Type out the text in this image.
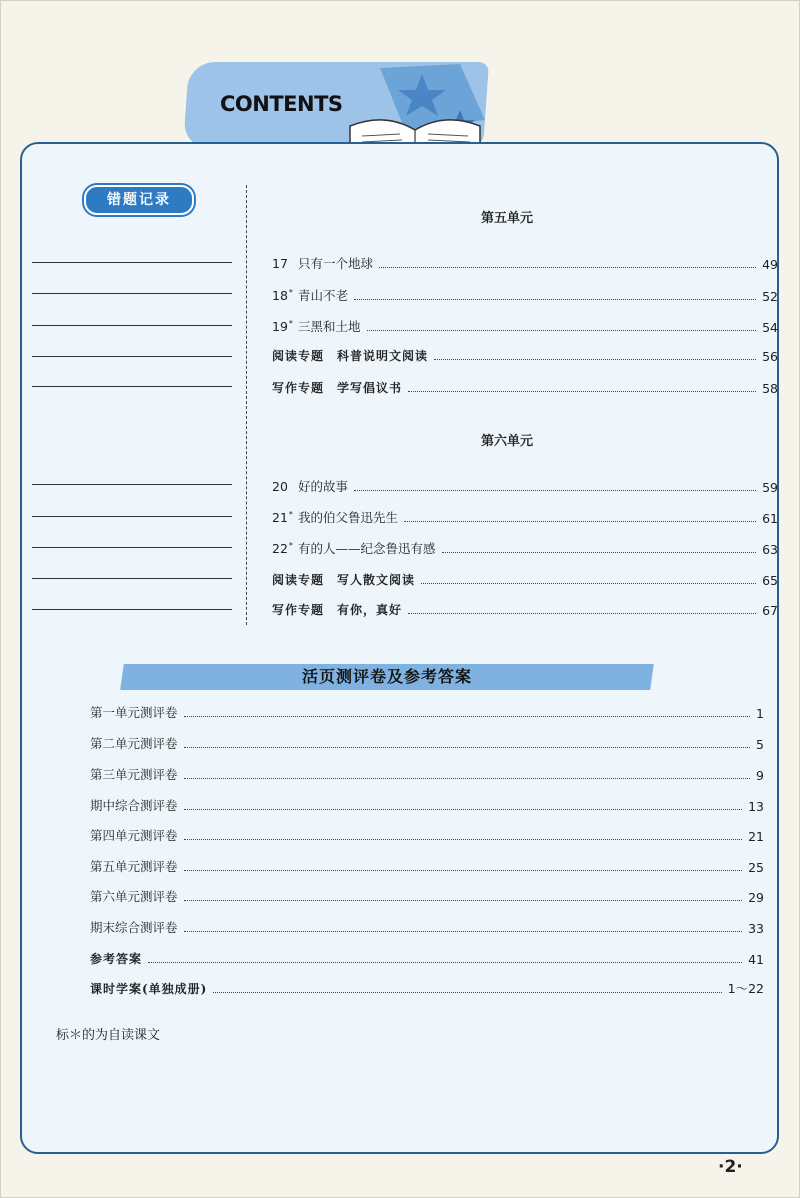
CONTENTS
错题记录
第五单元
17 只有一个地球	49
18* 青山不老	52
19* 三黑和土地	54
阅读专题　科普说明文阅读	56
写作专题　学写倡议书	58
第六单元
20 好的故事	59
21* 我的伯父鲁迅先生	61
22* 有的人——纪念鲁迅有感	63
阅读专题　写人散文阅读	65
写作专题　有你，真好	67
活页测评卷及参考答案
第一单元测评卷	1
第二单元测评卷	5
第三单元测评卷	9
期中综合测评卷	13
第四单元测评卷	21
第五单元测评卷	25
第六单元测评卷	29
期末综合测评卷	33
参考答案	41
课时学案(单独成册)	1～22
标＊的为自读课文
·2·
